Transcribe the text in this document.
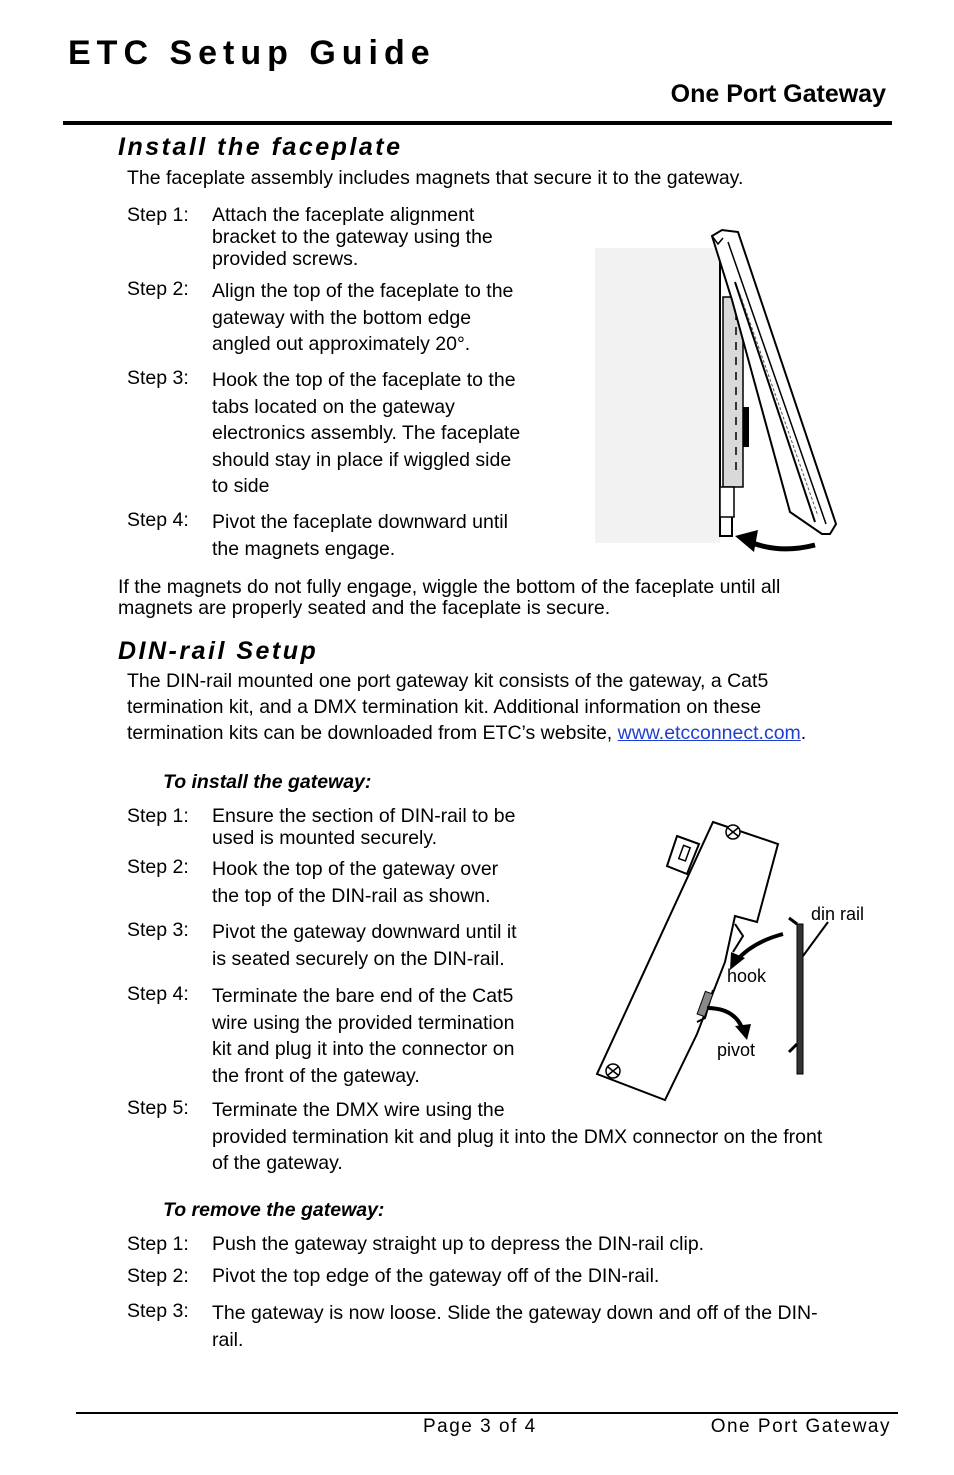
ETC Setup Guide
One Port Gateway
Install the faceplate
The faceplate assembly includes magnets that secure it to the gateway.
Step 1:	Attach the faceplate alignment
bracket to the gateway using the
provided screws.
Step 2:	Align the top of the faceplate to the
gateway with the bottom edge
angled out approximately 20°.
Step 3:	Hook the top of the faceplate to the
tabs located on the gateway
electronics assembly. The faceplate
should stay in place if wiggled side
to side
Step 4:	Pivot the faceplate downward until
the magnets engage.
If the magnets do not fully engage, wiggle the bottom of the faceplate until all
magnets are properly seated and the faceplate is secure.
DIN-rail Setup
The DIN-rail mounted one port gateway kit consists of the gateway, a Cat5
termination kit, and a DMX termination kit. Additional information on these
termination kits can be downloaded from ETC’s website, www.etcconnect.com.
To install the gateway:
Step 1:	Ensure the section of DIN-rail to be
used is mounted securely.
Step 2:	Hook the top of the gateway over
the top of the DIN-rail as shown.
Step 3:	Pivot the gateway downward until it
is seated securely on the DIN-rail.
Step 4:	Terminate the bare end of the Cat5
wire using the provided termination
kit and plug it into the connector on
the front of the gateway.
Step 5:	Terminate the DMX wire using the
provided termination kit and plug it into the DMX connector on the front
of the gateway.
din rail
hook
pivot
To remove the gateway:
Step 1:	Push the gateway straight up to depress the DIN-rail clip.
Step 2:	Pivot the top edge of the gateway off of the DIN-rail.
Step 3:	The gateway is now loose. Slide the gateway down and off of the DIN-
rail.
Page 3 of 4	One Port Gateway
